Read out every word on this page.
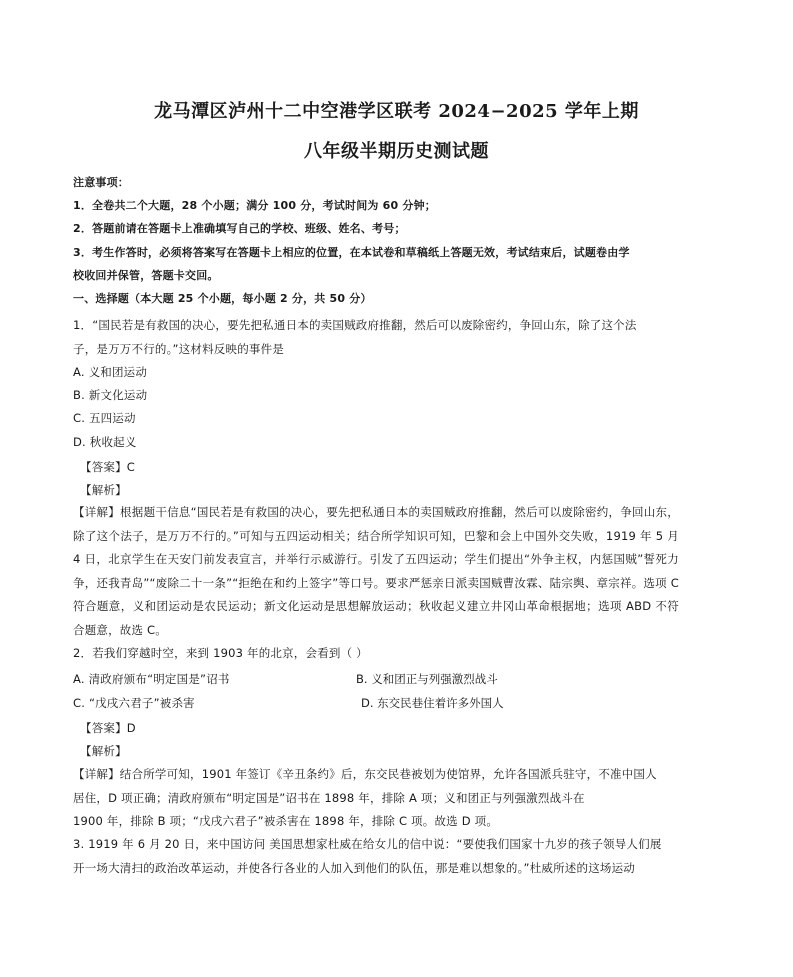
龙马潭区泸州十二中空港学区联考 2024−2025 学年上期
八年级半期历史测试题
注意事项：
1．全卷共二个大题，28 个小题；满分 100 分，考试时间为 60 分钟；
2．答题前请在答题卡上准确填写自己的学校、班级、姓名、考号；
3．考生作答时，必须将答案写在答题卡上相应的位置，在本试卷和草稿纸上答题无效，考试结束后，试题卷由学
校收回并保管，答题卡交回。
一、选择题（本大题 25 个小题，每小题 2 分，共 50 分）
1．“国民若是有救国的决心，要先把私通日本的卖国贼政府推翻，然后可以废除密约，争回山东，除了这个法
子，是万万不行的。”这材料反映的事件是
A. 义和团运动
B. 新文化运动
C. 五四运动
D. 秋收起义
【答案】C
【解析】
【详解】根据题干信息“国民若是有救国的决心，要先把私通日本的卖国贼政府推翻，然后可以废除密约，争回山东，除了这个法子，是万万不行的。”可知与五四运动相关；结合所学知识可知，巴黎和会上中国外交失败，1919 年 5 月 4 日，北京学生在天安门前发表宣言，并举行示威游行。引发了五四运动；学生们提出“外争主权，内惩国贼”誓死力争，还我青岛”“废除二十一条”“拒绝在和约上签字”等口号。要求严惩亲日派卖国贼曹汝霖、陆宗舆、章宗祥。选项 C 符合题意，义和团运动是农民运动；新文化运动是思想解放运动；秋收起义建立井冈山革命根据地；选项 ABD 不符合题意，故选 C。
2．若我们穿越时空，来到 1903 年的北京，会看到（ ）
A. 清政府颁布“明定国是”诏书	B. 义和团正与列强激烈战斗
C. “戊戌六君子”被杀害	D. 东交民巷住着许多外国人
【答案】D
【解析】
【详解】结合所学可知，1901 年签订《辛丑条约》后，东交民巷被划为使馆界，允许各国派兵驻守，不准中国人
居住，D 项正确；清政府颁布“明定国是”诏书在 1898 年，排除 A 项；义和团正与列强激烈战斗在
1900 年，排除 B 项；“戊戌六君子”被杀害在 1898 年，排除 C 项。故选 D 项。
3. 1919 年 6 月 20 日，来中国访问 美国思想家杜威在给女儿的信中说：“要使我们国家十九岁的孩子领导人们展
开一场大清扫的政治改革运动，并使各行各业的人加入到他们的队伍，那是难以想象的。”杜威所述的这场运动
